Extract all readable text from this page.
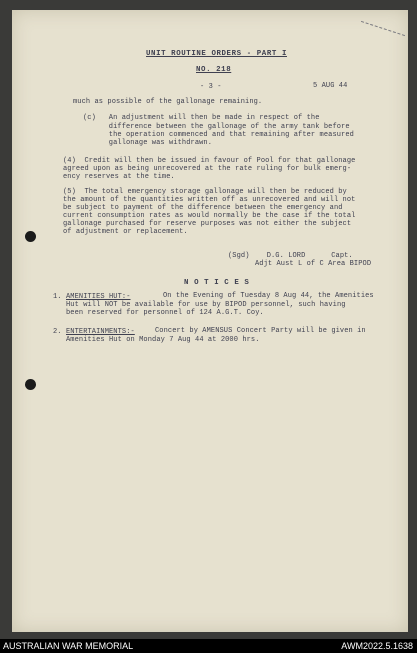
UNIT ROUTINE ORDERS - PART I
NO. 218
- 3 -	5 AUG 44
much as possible of the gallonage remaining.
(c)   An adjustment will then be made in respect of the
difference between the gallonage of the army tank before
the operation commenced and that remaining after measured
gallonage was withdrawn.
(4)  Credit will then be issued in favour of Pool for that gallonage
agreed upon as being unrecovered at the rate ruling for bulk emerg-
ency reserves at the time.
(5)  The total emergency storage gallonage will then be reduced by
the amount of the quantities written off as unrecovered and will not
be subject to payment of the difference between the emergency and
current consumption rates as would normally be the case if the total
gallonage purchased for reserve purposes was not either the subject
of adjustment or replacement.
(Sgd)    D.G. LORD      Capt.
Adjt Aust L of C Area BIPOD
N O T I C E S
1. AMENITIES HUT:-	On the Evening of Tuesday 8 Aug 44, the Amenities
Hut will NOT be available for use by BIPOD personnel, such having
been reserved for personnel of 124 A.G.T. Coy.
2. ENTERTAINMENTS:-	Concert by AMENSUS Concert Party will be given in
Amenities Hut on Monday 7 Aug 44 at 2000 hrs.
AUSTRALIAN WAR MEMORIAL	AWM2022.5.1638
